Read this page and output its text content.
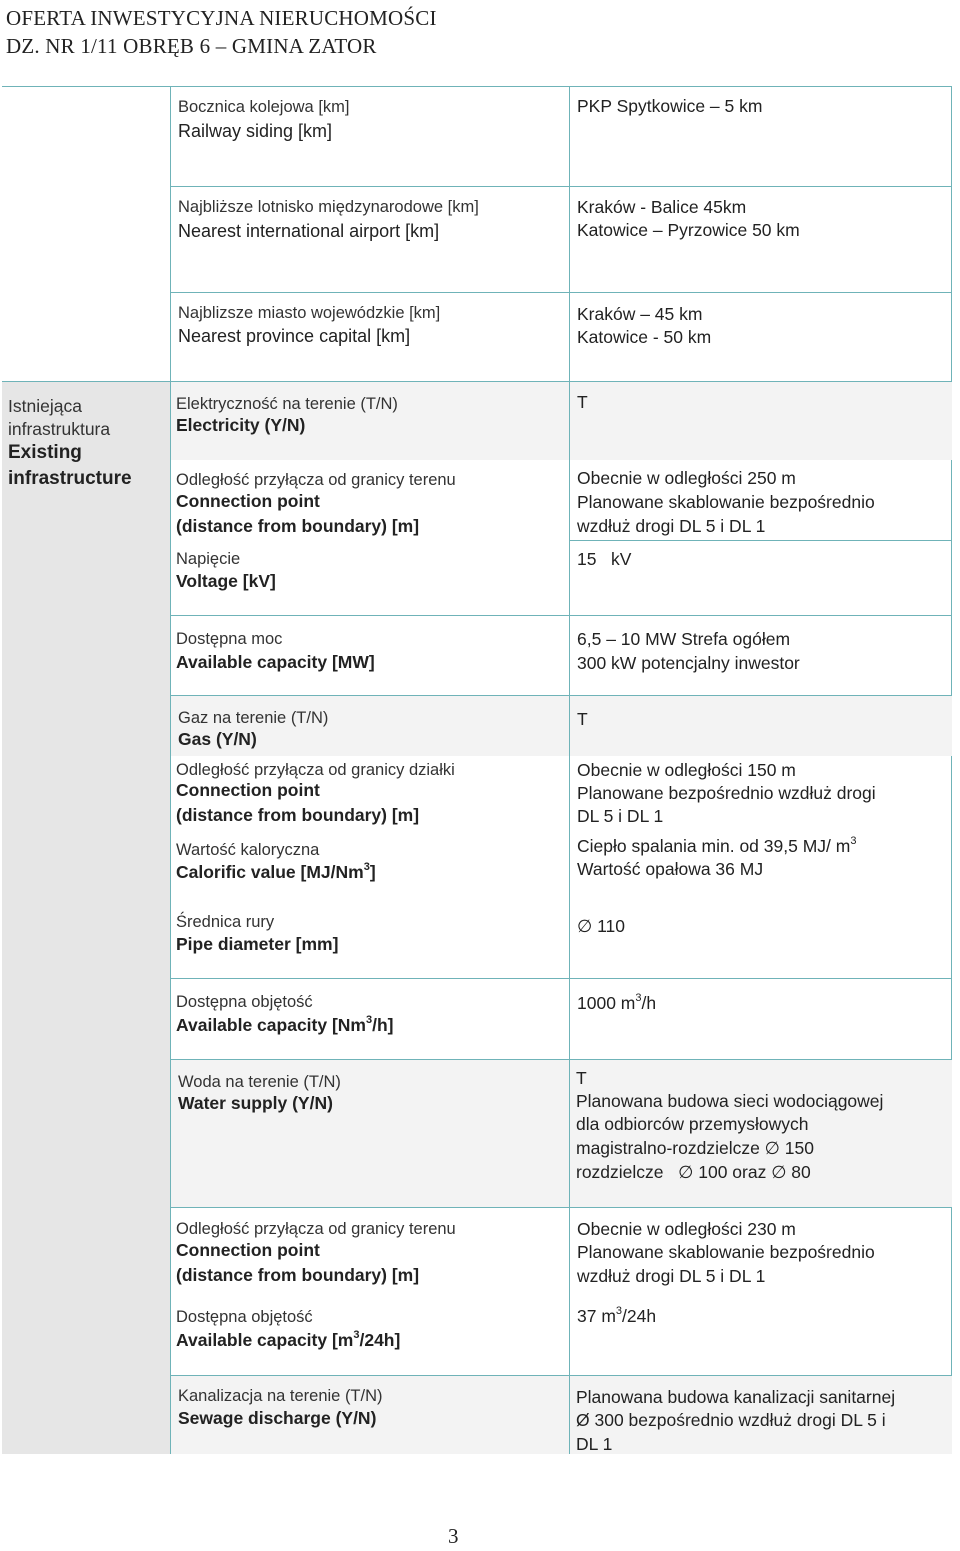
OFERTA INWESTYCYJNA NIERUCHOMOŚCI
DZ. NR 1/11 OBRĘB 6 – GMINA ZATOR
Bocznica kolejowa [km]
Railway siding [km]
PKP Spytkowice – 5 km
Najbliższe lotnisko międzynarodowe [km]
Nearest international airport [km]
Kraków - Balice 45km
Katowice – Pyrzowice 50 km
Najblizsze miasto wojewódzkie [km]
Nearest province capital [km]
Kraków – 45 km
Katowice - 50 km
Istniejąca
infrastruktura
Existing
infrastructure
Elektryczność na terenie (T/N)
Electricity (Y/N)
T
Odległość przyłącza od granicy terenu
Connection point
(distance from boundary) [m]
Obecnie w odległości 250 m
Planowane skablowanie bezpośrednio
wzdłuż drogi DL 5 i DL 1
Napięcie
Voltage [kV]
15   kV
Dostępna moc
Available capacity [MW]
6,5 – 10 MW Strefa ogółem
300 kW potencjalny inwestor
Gaz na terenie (T/N)
Gas (Y/N)
T
Odległość przyłącza od granicy działki
Connection point
(distance from boundary) [m]
Obecnie w odległości 150 m
Planowane bezpośrednio wzdłuż drogi
DL 5 i DL 1
Wartość kaloryczna
Calorific value [MJ/Nm$^3$]
Ciepło spalania min. od 39,5 MJ/ $m^3$
Wartość opałowa 36 MJ
Średnica rury
Pipe diameter [mm]
∅ 110
Dostępna objętość
Available capacity [Nm$^3$/h]
1000 $m^3/h$
Woda na terenie (T/N)
Water supply (Y/N)
T
Planowana budowa sieci wodociągowej
dla odbiorców przemysłowych
magistralno-rozdzielcze ∅ 150
rozdzielcze   ∅ 100 oraz ∅ 80
Odległość przyłącza od granicy terenu
Connection point
(distance from boundary) [m]
Obecnie w odległości 230 m
Planowane skablowanie bezpośrednio
wzdłuż drogi DL 5 i DL 1
Dostępna objętość
Available capacity $[m^3/24h]$
37 $m^3/24h$
Kanalizacja na terenie (T/N)
Sewage discharge (Y/N)
Planowana budowa kanalizacji sanitarnej
Ø 300 bezpośrednio wzdłuż drogi DL 5 i
DL 1
3
